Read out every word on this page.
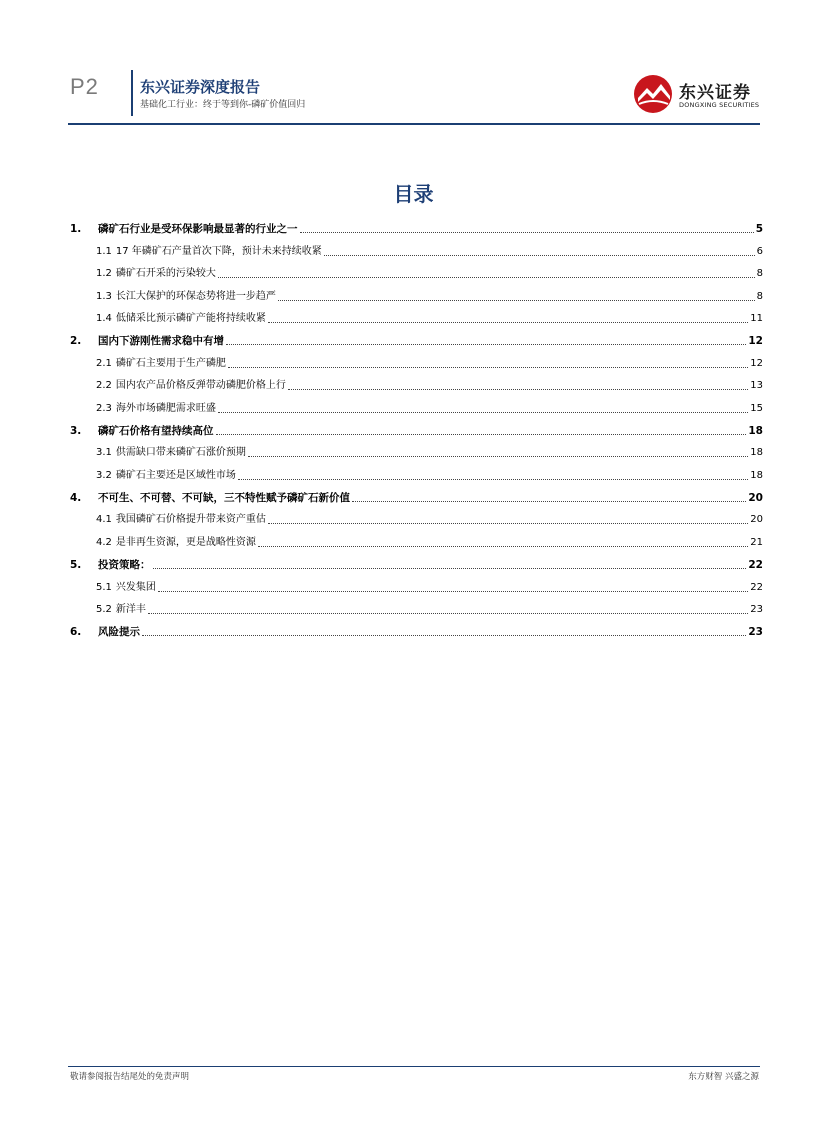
P2	东兴证券深度报告
基础化工行业：终于等到你-磷矿价值回归
东兴证券
DONGXING SECURITIES
目录
1.	磷矿石行业是受环保影响最显著的行业之一	5
1.1 17 年磷矿石产量首次下降，预计未来持续收紧	6
1.2 磷矿石开采的污染较大	8
1.3 长江大保护的环保态势将进一步趋严	8
1.4 低储采比预示磷矿产能将持续收紧	11
2.	国内下游刚性需求稳中有增	12
2.1 磷矿石主要用于生产磷肥	12
2.2 国内农产品价格反弹带动磷肥价格上行	13
2.3 海外市场磷肥需求旺盛	15
3.	磷矿石价格有望持续高位	18
3.1 供需缺口带来磷矿石涨价预期	18
3.2 磷矿石主要还是区域性市场	18
4.	不可生、不可替、不可缺，三不特性赋予磷矿石新价值	20
4.1 我国磷矿石价格提升带来资产重估	20
4.2 是非再生资源，更是战略性资源	21
5.	投资策略：	22
5.1 兴发集团	22
5.2 新洋丰	23
6.	风险提示	23
敬请参阅报告结尾处的免责声明	东方财智 兴盛之源
